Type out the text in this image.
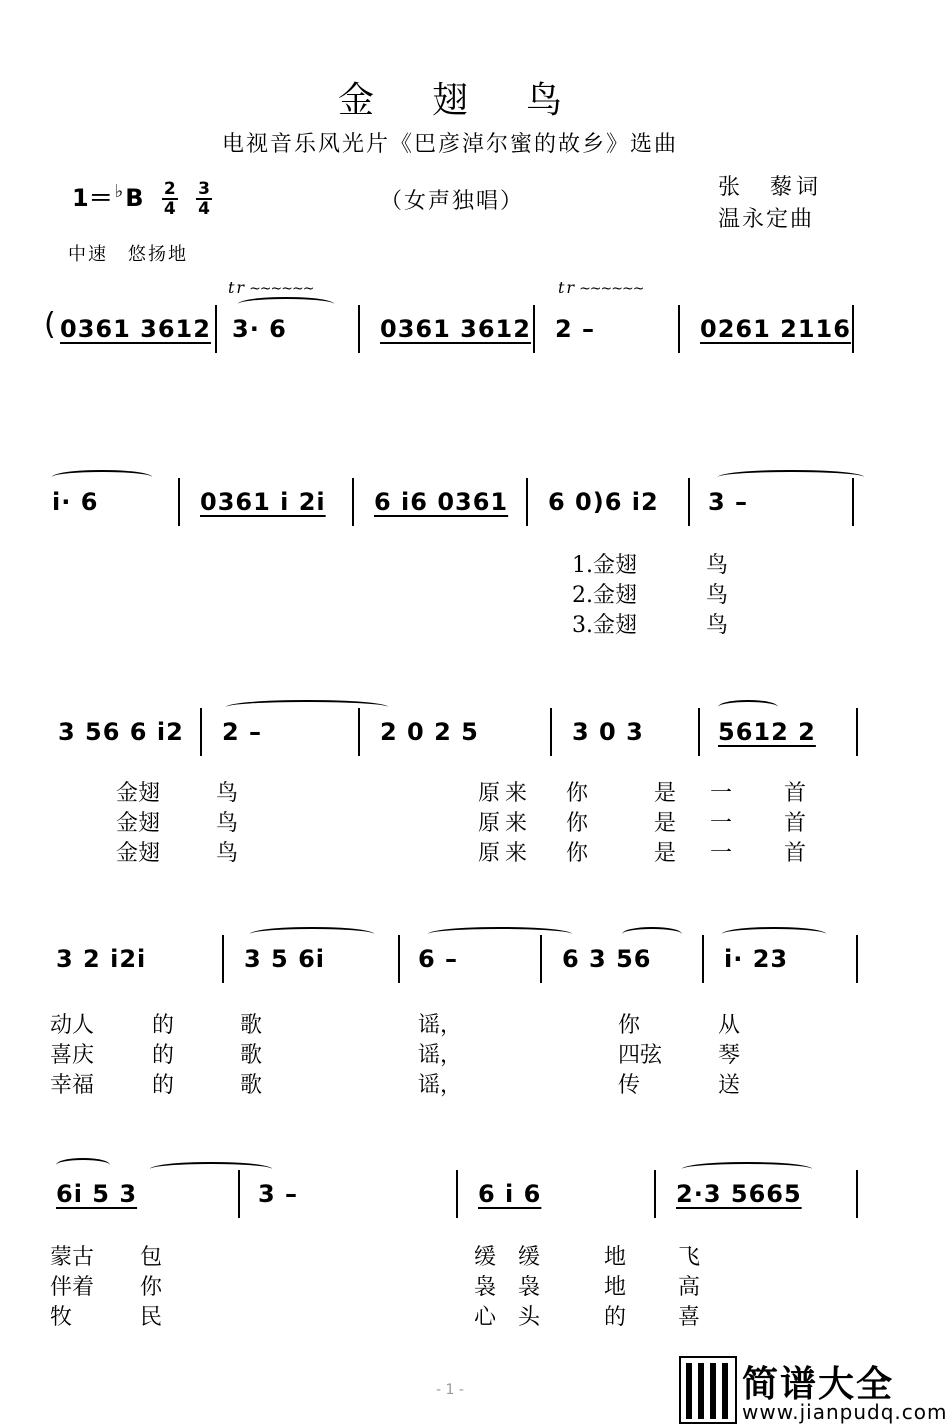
金翅鸟
电视音乐风光片《巴彦淖尔蜜的故乡》选曲
$1= ^♭B \frac{2}{4} \frac{3}{4}$	（女声独唱）
张　藜词
温永定曲
中速　悠扬地
tr ~~~~~~	tr ~~~~~~
( 0361 3612 3· 6	0361 3612 2 –	0261 2116
i· 6	0361 i 2i 6 i6 0361 6 0)6 i2 3 –
1.金翅	鸟
2.金翅	鸟
3.金翅	鸟
3 56 6 i2 2 –	2 0 2 5	3 0 3	5612 2
金翅	鸟	原 来 你	是 一 首
金翅	鸟	原 来 你	是 一 首
金翅	鸟	原 来 你	是 一 首
3 2 i2i	3 5 6i	6 –	6 3 56	i· 23
动人	的	歌	谣，	你	从
喜庆	的	歌	谣，	四弦	琴
幸福	的	歌	谣，	传	送
6i 5 3	3 –	6 i 6	2·3 5665
蒙古 包	缓 缓	地 飞
伴着 你	袅 袅	地 高
牧	民	心 头	的 喜
- 1 -	简谱大全
www.jianpudq.com
